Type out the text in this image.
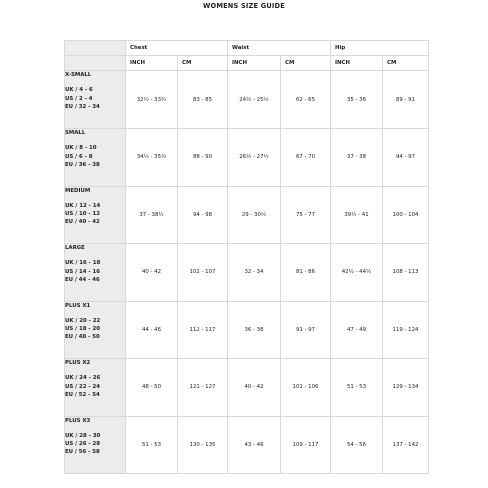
WOMENS SIZE GUIDE
	Chest		Waist		Hip	
	INCH	CM	INCH	CM	INCH	CM

X-SMALL
UK / 4 - 6
US / 2 - 4
EU / 32 - 34	32½ - 33½	83 - 85	24½ - 25½	62 - 65	35 - 36	89 - 91

SMALL
UK / 8 - 10
US / 6 - 8
EU / 36 - 38	34½ - 35½	88 - 90	26½ - 27½	67 - 70	37 - 38	94 - 97

MEDIUM
UK / 12 - 14
US / 10 - 12
EU / 40 - 42	37 - 38½	94 - 98	29 - 30½	75 - 77	39½ - 41	100 - 104

LARGE
UK / 16 - 18
US / 14 - 16
EU / 44 - 46	40 - 42	102 - 107	32 - 34	81 - 86	42½ - 44½	108 - 113

PLUS X1
UK / 20 - 22
US / 18 - 20
EU / 48 - 50	44 - 46	112 - 117	36 - 38	91 - 97	47 - 49	119 - 124

PLUS X2
UK / 24 - 26
US / 22 - 24
EU / 52 - 54	48 - 50	121 - 127	40 - 42	101 - 106	51 - 53	129 - 134

PLUS X3
UK / 28 - 30
US / 26 - 28
EU / 56 - 58	51 - 53	130 - 135	43 - 46	109 - 117	54 - 56	137 - 142
